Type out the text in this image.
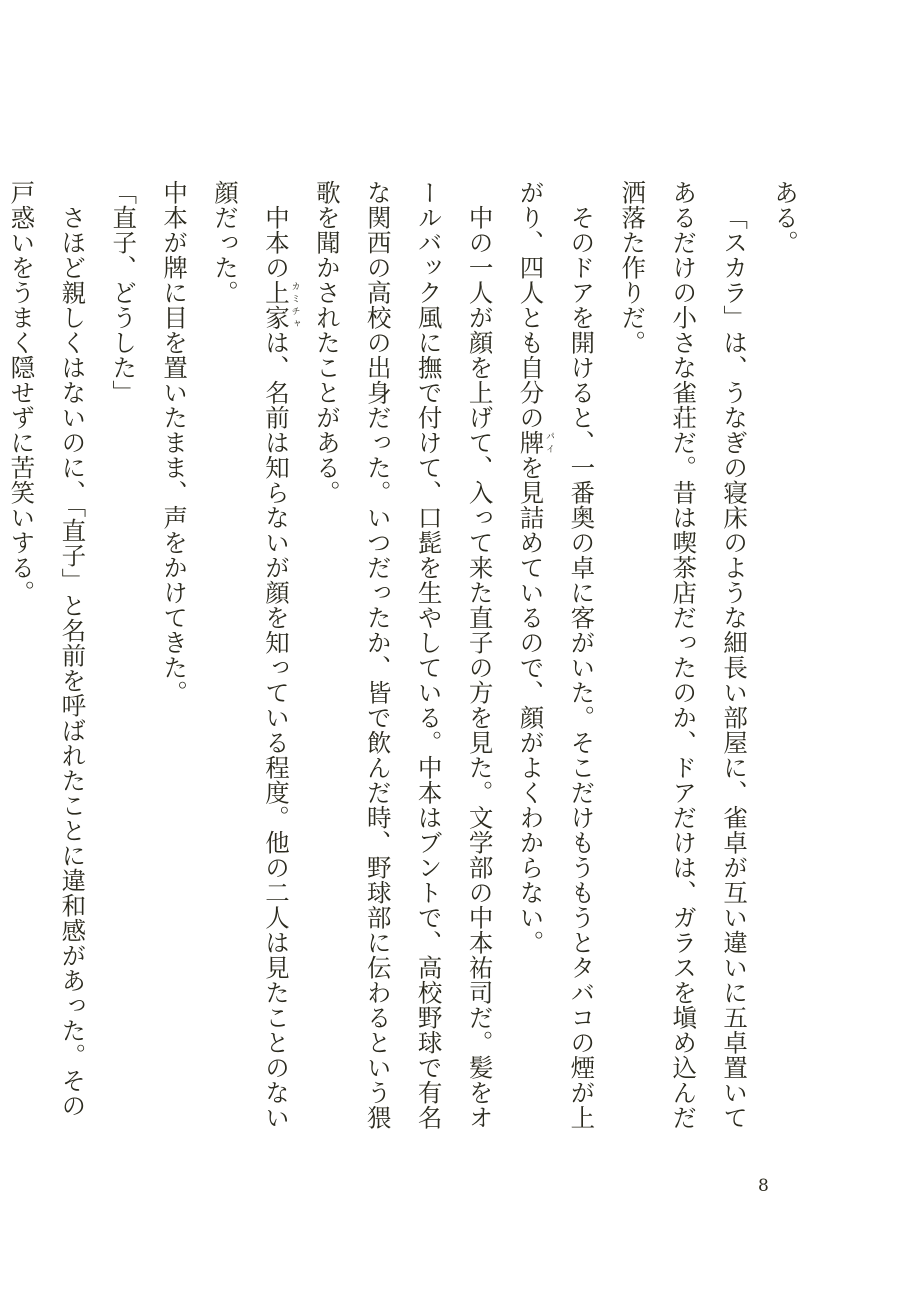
ある。

「スカラ」は、うなぎの寝床のような細長い部屋に、雀卓が互い違いに五卓置いてあるだけの小さな雀荘だ。昔は喫茶店だったのか、ドアだけは、ガラスを塡め込んだ洒落た作りだ。

そのドアを開けると、一番奥の卓に客がいた。そこだけもうもうとタバコの煙が上がり、四人とも自分の牌パイを見詰めているので、顔がよくわからない。

中の一人が顔を上げて、入って来た直子の方を見た。文学部の中本祐司だ。髪をオールバック風に撫で付けて、口髭を生やしている。中本はブントで、高校野球で有名な関西の高校の出身だった。いつだったか、皆で飲んだ時、野球部に伝わるという猥歌を聞かされたことがある。

中本の上家カミチャは、名前は知らないが顔を知っている程度。他の二人は見たことのない顔だった。

中本が牌に目を置いたまま、声をかけてきた。

「直子、どうした」

さほど親しくはないのに、「直子」と名前を呼ばれたことに違和感があった。その戸惑いをうまく隠せずに苦笑いする。

8
